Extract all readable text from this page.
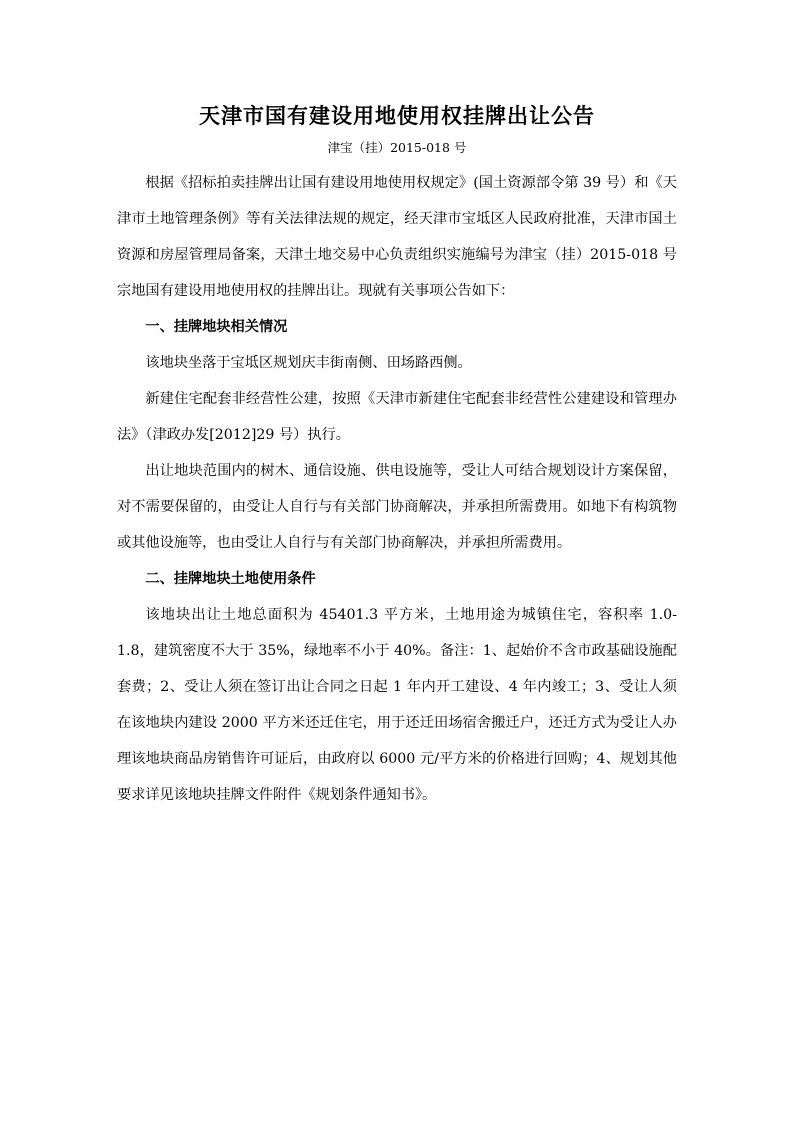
天津市国有建设用地使用权挂牌出让公告
津宝（挂）2015-018 号

根据《招标拍卖挂牌出让国有建设用地使用权规定》(国土资源部令第 39 号）和《天津市土地管理条例》等有关法律法规的规定，经天津市宝坻区人民政府批准，天津市国土资源和房屋管理局备案，天津土地交易中心负责组织实施编号为津宝（挂）2015-018 号宗地国有建设用地使用权的挂牌出让。现就有关事项公告如下：

一、挂牌地块相关情况

该地块坐落于宝坻区规划庆丰街南侧、田场路西侧。

新建住宅配套非经营性公建，按照《天津市新建住宅配套非经营性公建建设和管理办法》（津政办发[2012]29 号）执行。

出让地块范围内的树木、通信设施、供电设施等，受让人可结合规划设计方案保留，对不需要保留的，由受让人自行与有关部门协商解决，并承担所需费用。如地下有构筑物或其他设施等，也由受让人自行与有关部门协商解决，并承担所需费用。

二、挂牌地块土地使用条件

该地块出让土地总面积为 45401.3 平方米，土地用途为城镇住宅，容积率 1.0-1.8，建筑密度不大于 35%，绿地率不小于 40%。备注：1、起始价不含市政基础设施配套费；2、受让人须在签订出让合同之日起 1 年内开工建设、4 年内竣工；3、受让人须在该地块内建设 2000 平方米还迁住宅，用于还迁田场宿舍搬迁户，还迁方式为受让人办理该地块商品房销售许可证后，由政府以 6000 元/平方米的价格进行回购；4、规划其他要求详见该地块挂牌文件附件《规划条件通知书》。
